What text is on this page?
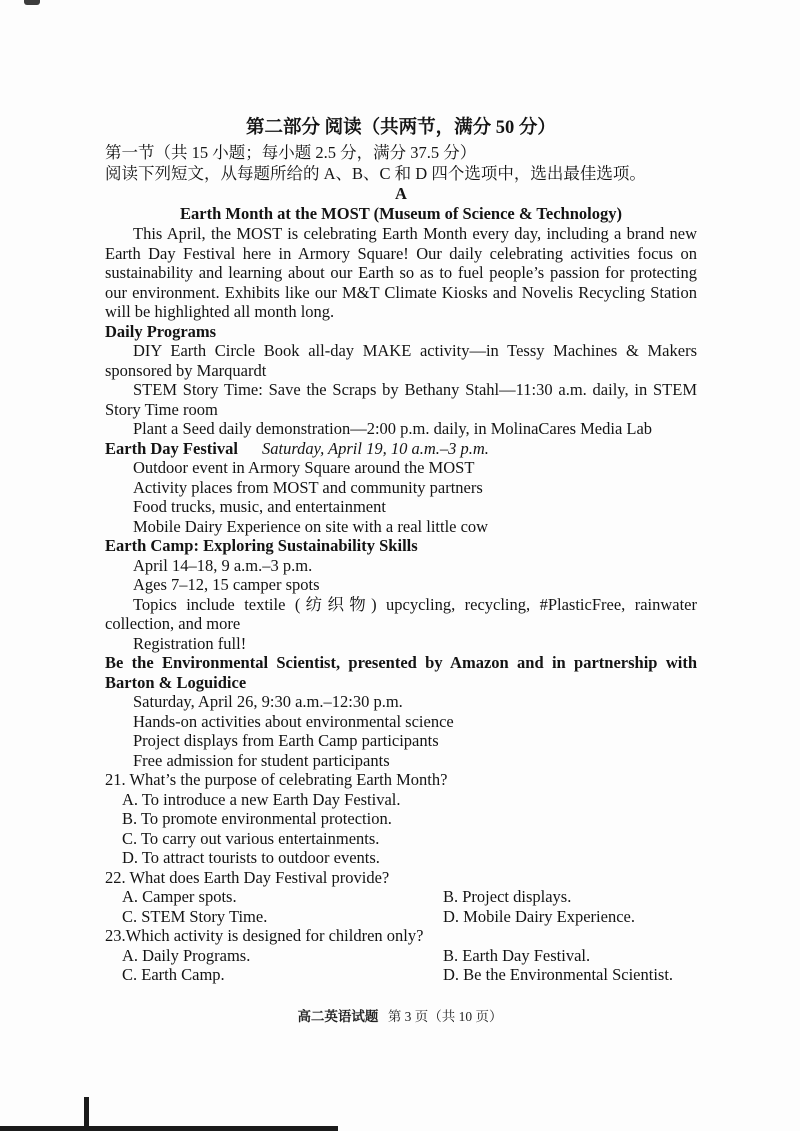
第二部分 阅读（共两节，满分 50 分）
第一节（共 15 小题；每小题 2.5 分，满分 37.5 分）
阅读下列短文，从每题所给的 A、B、C 和 D 四个选项中，选出最佳选项。
A
Earth Month at the MOST (Museum of Science & Technology)

This April, the MOST is celebrating Earth Month every day, including a brand new Earth Day Festival here in Armory Square! Our daily celebrating activities focus on sustainability and learning about our Earth so as to fuel people’s passion for protecting our environment. Exhibits like our M&T Climate Kiosks and Novelis Recycling Station will be highlighted all month long.

Daily Programs

DIY Earth Circle Book all-day MAKE activity—in Tessy Machines & Makers sponsored by Marquardt

STEM Story Time: Save the Scraps by Bethany Stahl—11:30 a.m. daily, in STEM Story Time room

Plant a Seed daily demonstration—2:00 p.m. daily, in MolinaCares Media Lab

Earth Day Festival Saturday, April 19, 10 a.m.–3 p.m.

Outdoor event in Armory Square around the MOST

Activity places from MOST and community partners

Food trucks, music, and entertainment

Mobile Dairy Experience on site with a real little cow

Earth Camp: Exploring Sustainability Skills

April 14–18, 9 a.m.–3 p.m.

Ages 7–12, 15 camper spots

Topics include textile (纺织物) upcycling, recycling, #PlasticFree, rainwater collection, and more

Registration full!

Be the Environmental Scientist, presented by Amazon and in partnership with Barton & Loguidice

Saturday, April 26, 9:30 a.m.–12:30 p.m.

Hands-on activities about environmental science

Project displays from Earth Camp participants

Free admission for student participants

21. What’s the purpose of celebrating Earth Month?
A. To introduce a new Earth Day Festival.
B. To promote environmental protection.
C. To carry out various entertainments.
D. To attract tourists to outdoor events.
22. What does Earth Day Festival provide?
A. Camper spots.	B. Project displays.
C. STEM Story Time.	D. Mobile Dairy Experience.
23.Which activity is designed for children only?
A. Daily Programs.	B. Earth Day Festival.
C. Earth Camp.	D. Be the Environmental Scientist.
高二英语试题 第 3 页（共 10 页）
